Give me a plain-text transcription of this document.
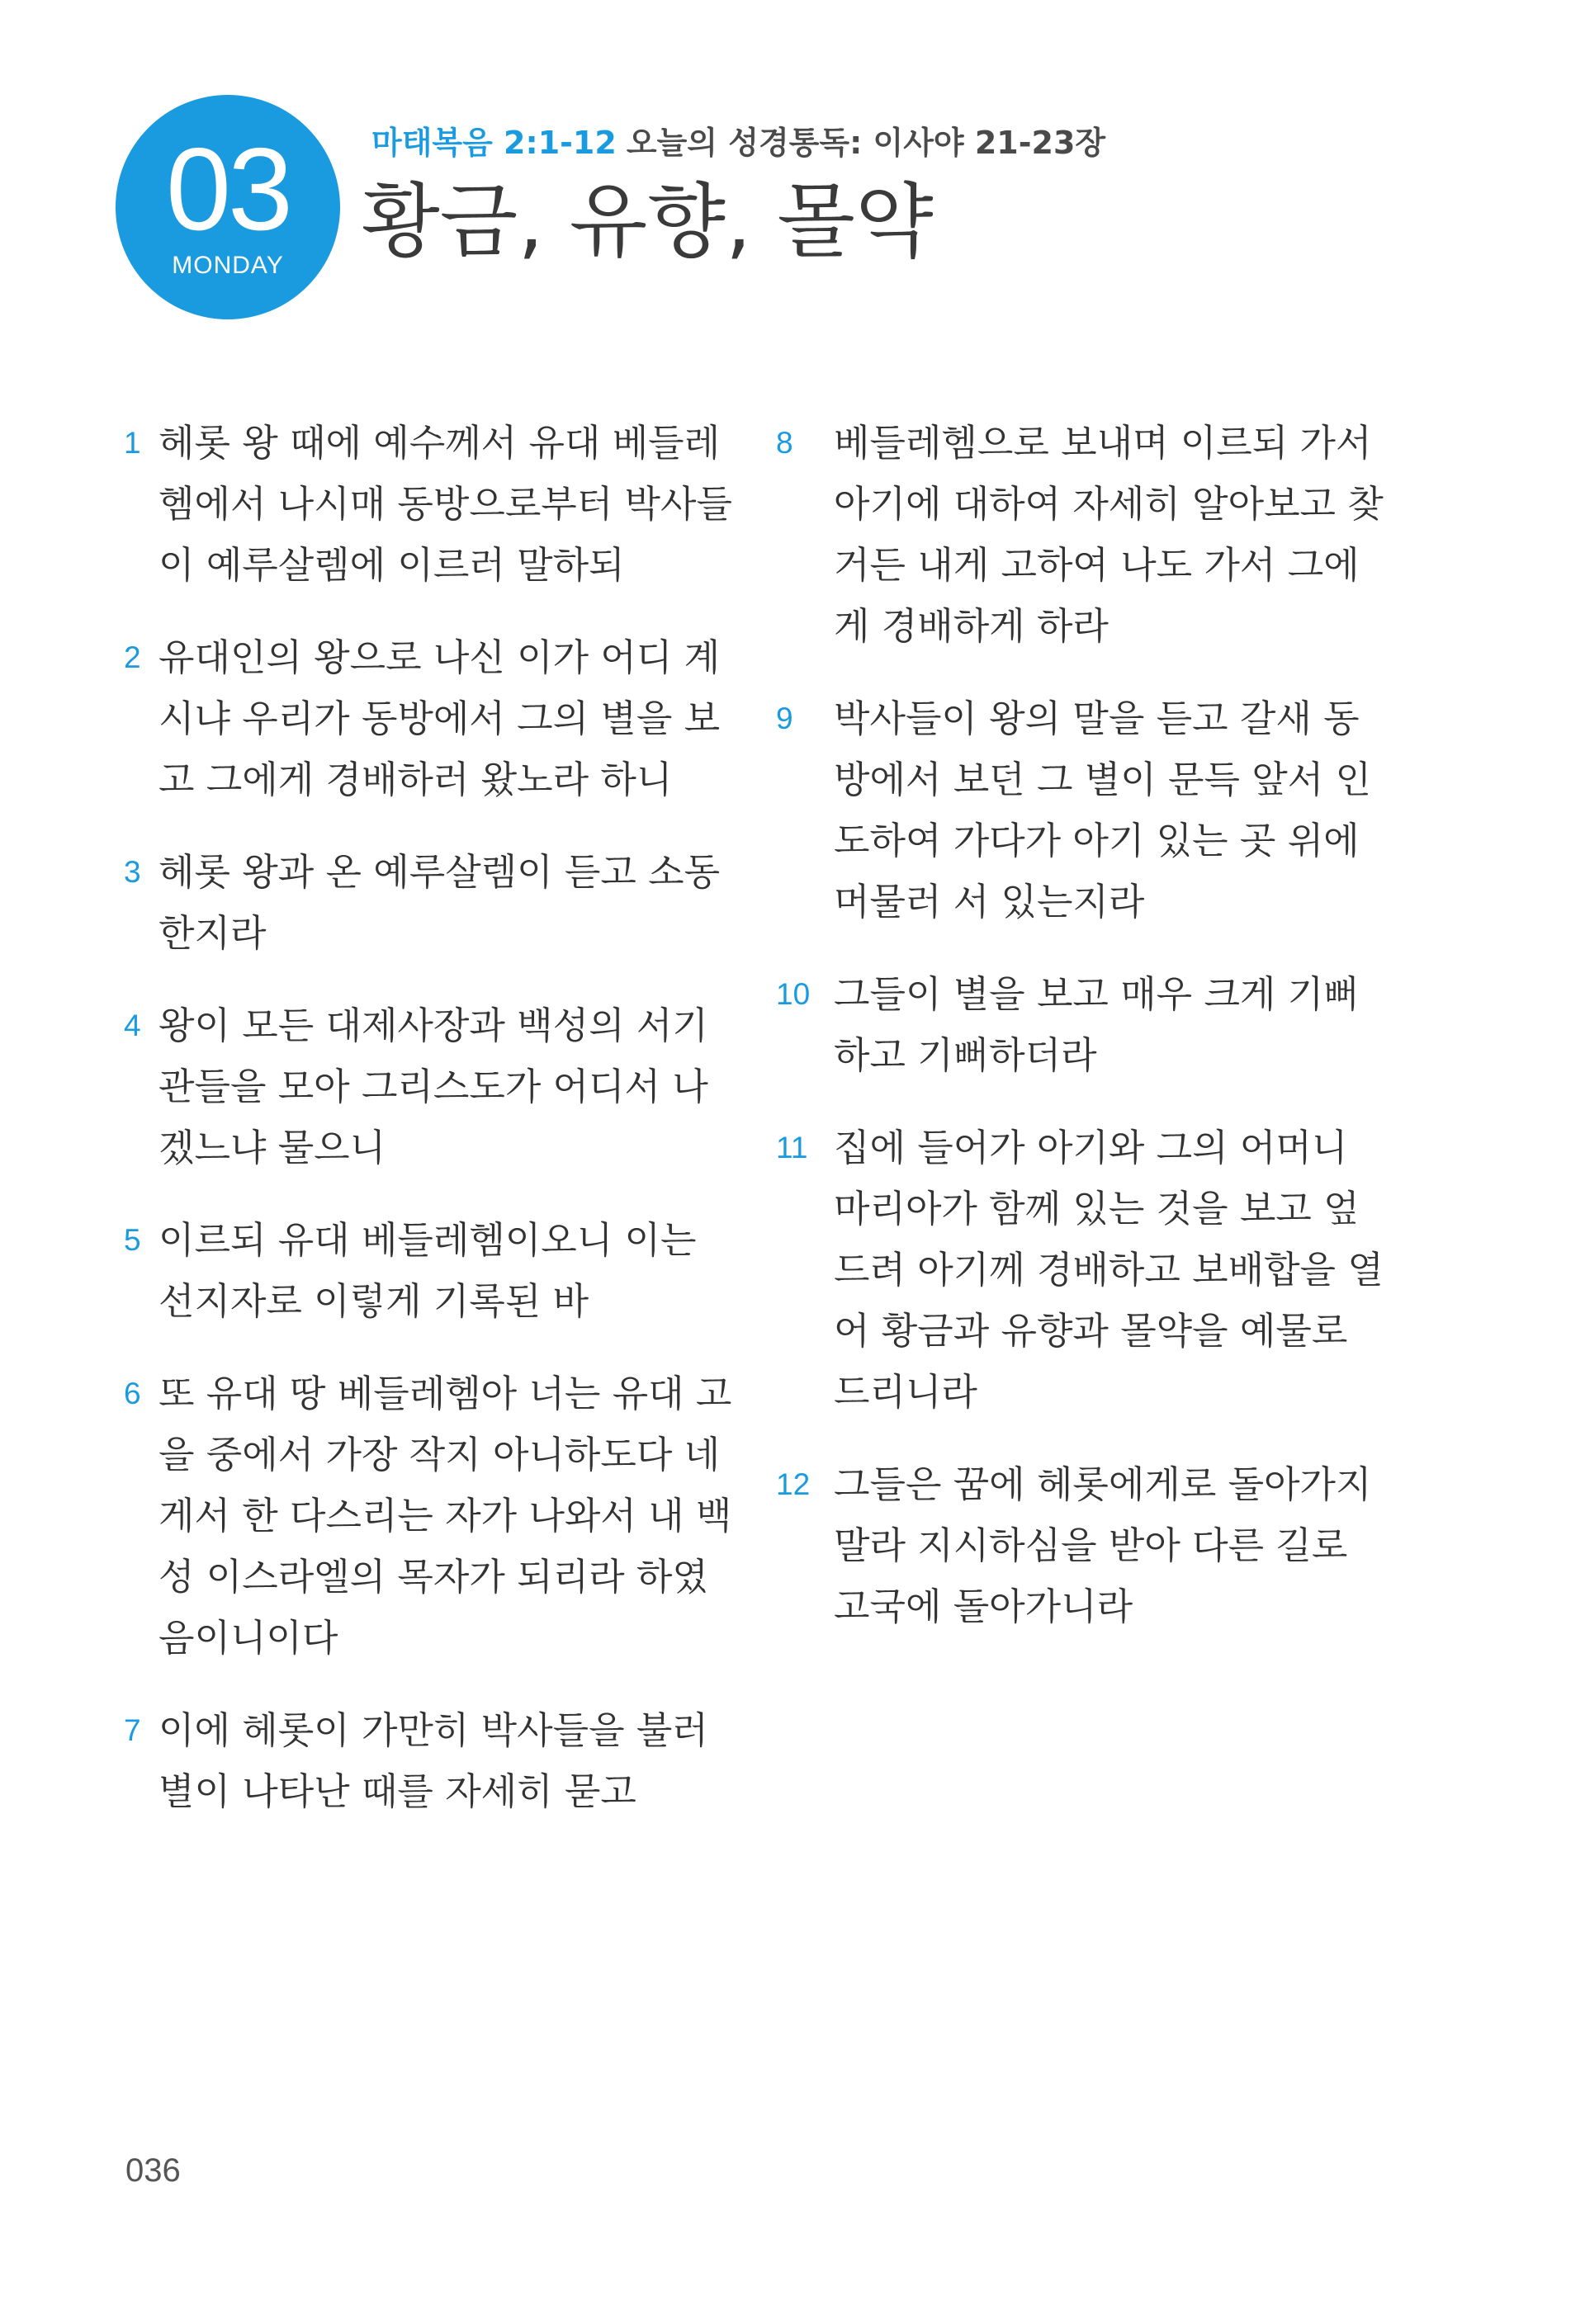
03
MONDAY
마태복음 2:1-12 오늘의 성경통독: 이사야 21-23장
황금, 유향, 몰약
1 헤롯 왕 때에 예수께서 유대 베들레헴에서 나시매 동방으로부터 박사들이 예루살렘에 이르러 말하되
2 유대인의 왕으로 나신 이가 어디 계시냐 우리가 동방에서 그의 별을 보고 그에게 경배하러 왔노라 하니
3 헤롯 왕과 온 예루살렘이 듣고 소동한지라
4 왕이 모든 대제사장과 백성의 서기관들을 모아 그리스도가 어디서 나겠느냐 물으니
5 이르되 유대 베들레헴이오니 이는 선지자로 이렇게 기록된 바
6 또 유대 땅 베들레헴아 너는 유대 고을 중에서 가장 작지 아니하도다 네게서 한 다스리는 자가 나와서 내 백성 이스라엘의 목자가 되리라 하였음이니이다
7 이에 헤롯이 가만히 박사들을 불러 별이 나타난 때를 자세히 묻고
8 베들레헴으로 보내며 이르되 가서 아기에 대하여 자세히 알아보고 찾거든 내게 고하여 나도 가서 그에게 경배하게 하라
9 박사들이 왕의 말을 듣고 갈새 동방에서 보던 그 별이 문득 앞서 인도하여 가다가 아기 있는 곳 위에 머물러 서 있는지라
10 그들이 별을 보고 매우 크게 기뻐하고 기뻐하더라
11 집에 들어가 아기와 그의 어머니 마리아가 함께 있는 것을 보고 엎드려 아기께 경배하고 보배합을 열어 황금과 유향과 몰약을 예물로 드리니라
12 그들은 꿈에 헤롯에게로 돌아가지 말라 지시하심을 받아 다른 길로 고국에 돌아가니라
036
